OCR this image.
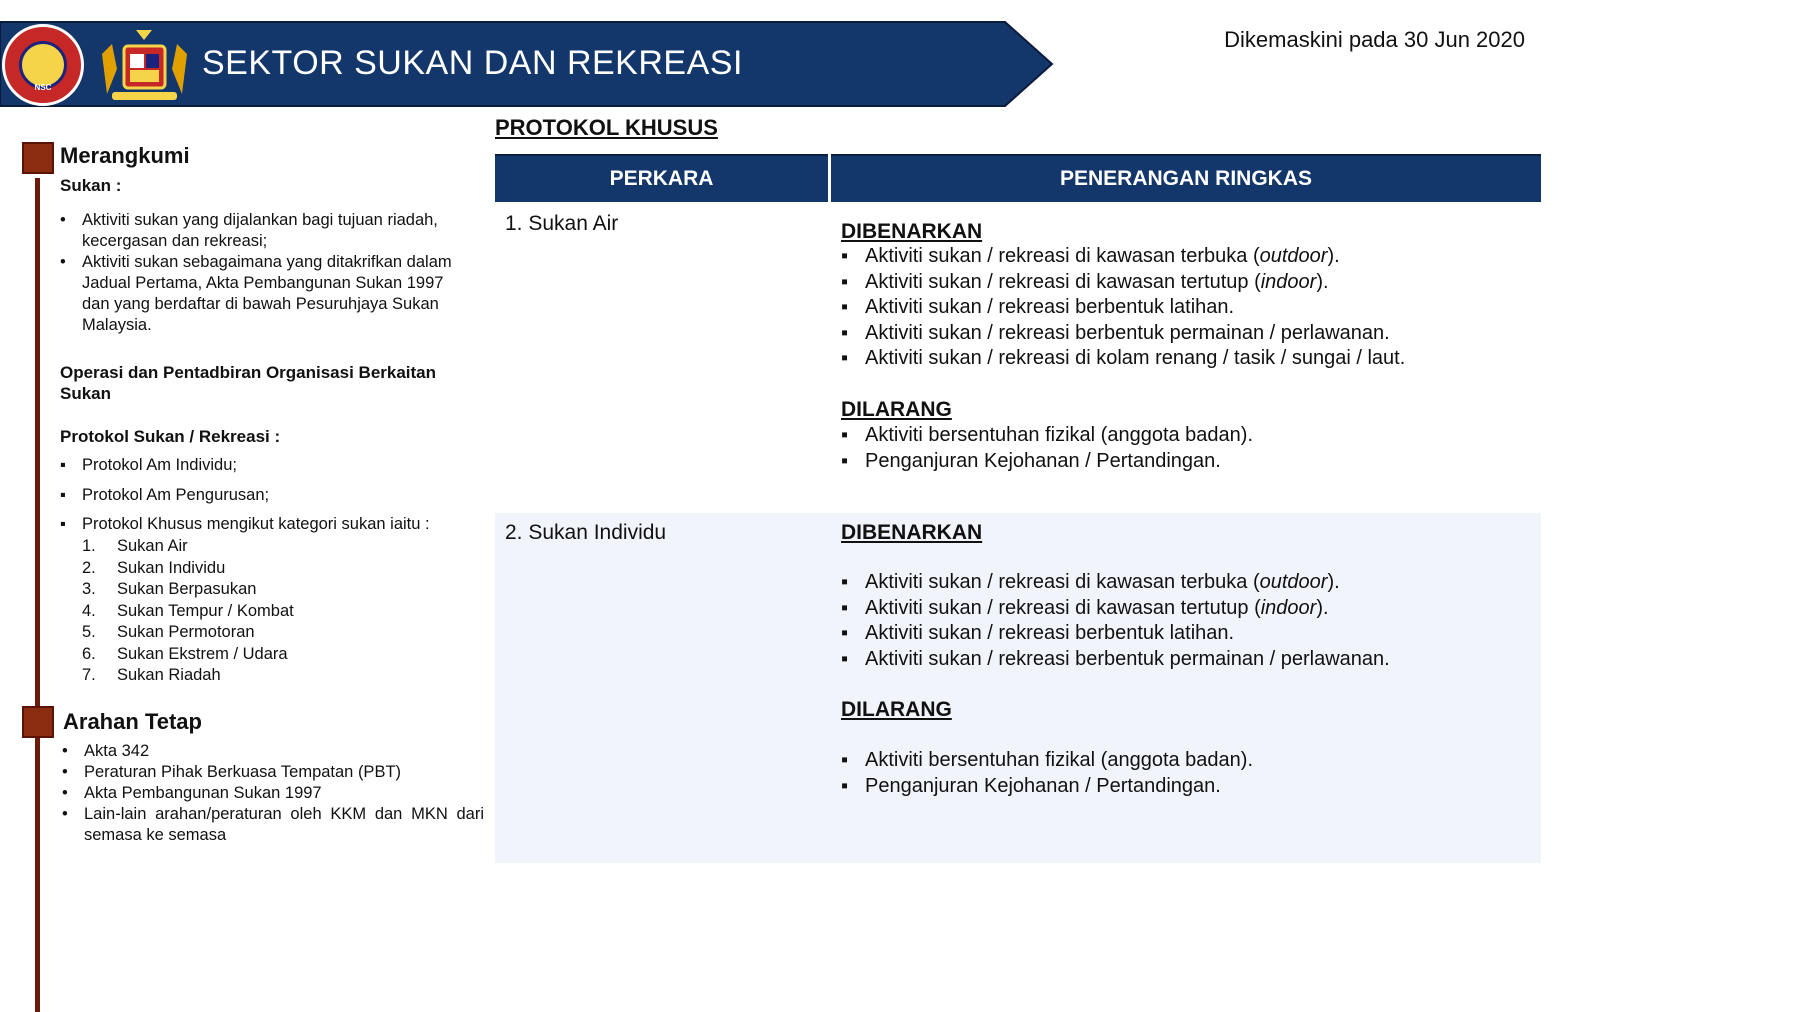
NSC
SEKTOR SUKAN DAN REKREASI
Dikemaskini pada 30 Jun 2020
Merangkumi
Sukan :
• Aktiviti sukan yang dijalankan bagi tujuan riadah, kecergasan dan rekreasi;
• Aktiviti sukan sebagaimana yang ditakrifkan dalam Jadual Pertama, Akta Pembangunan Sukan 1997 dan yang berdaftar di bawah Pesuruhjaya Sukan Malaysia.
Operasi dan Pentadbiran Organisasi Berkaitan Sukan
Protokol Sukan / Rekreasi :
▪ Protokol Am Individu;
▪ Protokol Am Pengurusan;
▪ Protokol Khusus mengikut kategori sukan iaitu :
1. Sukan Air
2. Sukan Individu
3. Sukan Berpasukan
4. Sukan Tempur / Kombat
5. Sukan Permotoran
6. Sukan Ekstrem / Udara
7. Sukan Riadah
Arahan Tetap
• Akta 342
• Peraturan Pihak Berkuasa Tempatan (PBT)
• Akta Pembangunan Sukan 1997
• Lain-lain arahan/peraturan oleh KKM dan MKN dari semasa ke semasa
PROTOKOL KHUSUS
PERKARA	PENERANGAN RINGKAS
1. Sukan Air	DIBENARKAN
▪ Aktiviti sukan / rekreasi di kawasan terbuka (outdoor).
▪ Aktiviti sukan / rekreasi di kawasan tertutup (indoor).
▪ Aktiviti sukan / rekreasi berbentuk latihan.
▪ Aktiviti sukan / rekreasi berbentuk permainan / perlawanan.
▪ Aktiviti sukan / rekreasi di kolam renang / tasik / sungai / laut.
DILARANG
▪ Aktiviti bersentuhan fizikal (anggota badan).
▪ Penganjuran Kejohanan / Pertandingan.
2. Sukan Individu	DIBENARKAN
▪ Aktiviti sukan / rekreasi di kawasan terbuka (outdoor).
▪ Aktiviti sukan / rekreasi di kawasan tertutup (indoor).
▪ Aktiviti sukan / rekreasi berbentuk latihan.
▪ Aktiviti sukan / rekreasi berbentuk permainan / perlawanan.
DILARANG
▪ Aktiviti bersentuhan fizikal (anggota badan).
▪ Penganjuran Kejohanan / Pertandingan.
